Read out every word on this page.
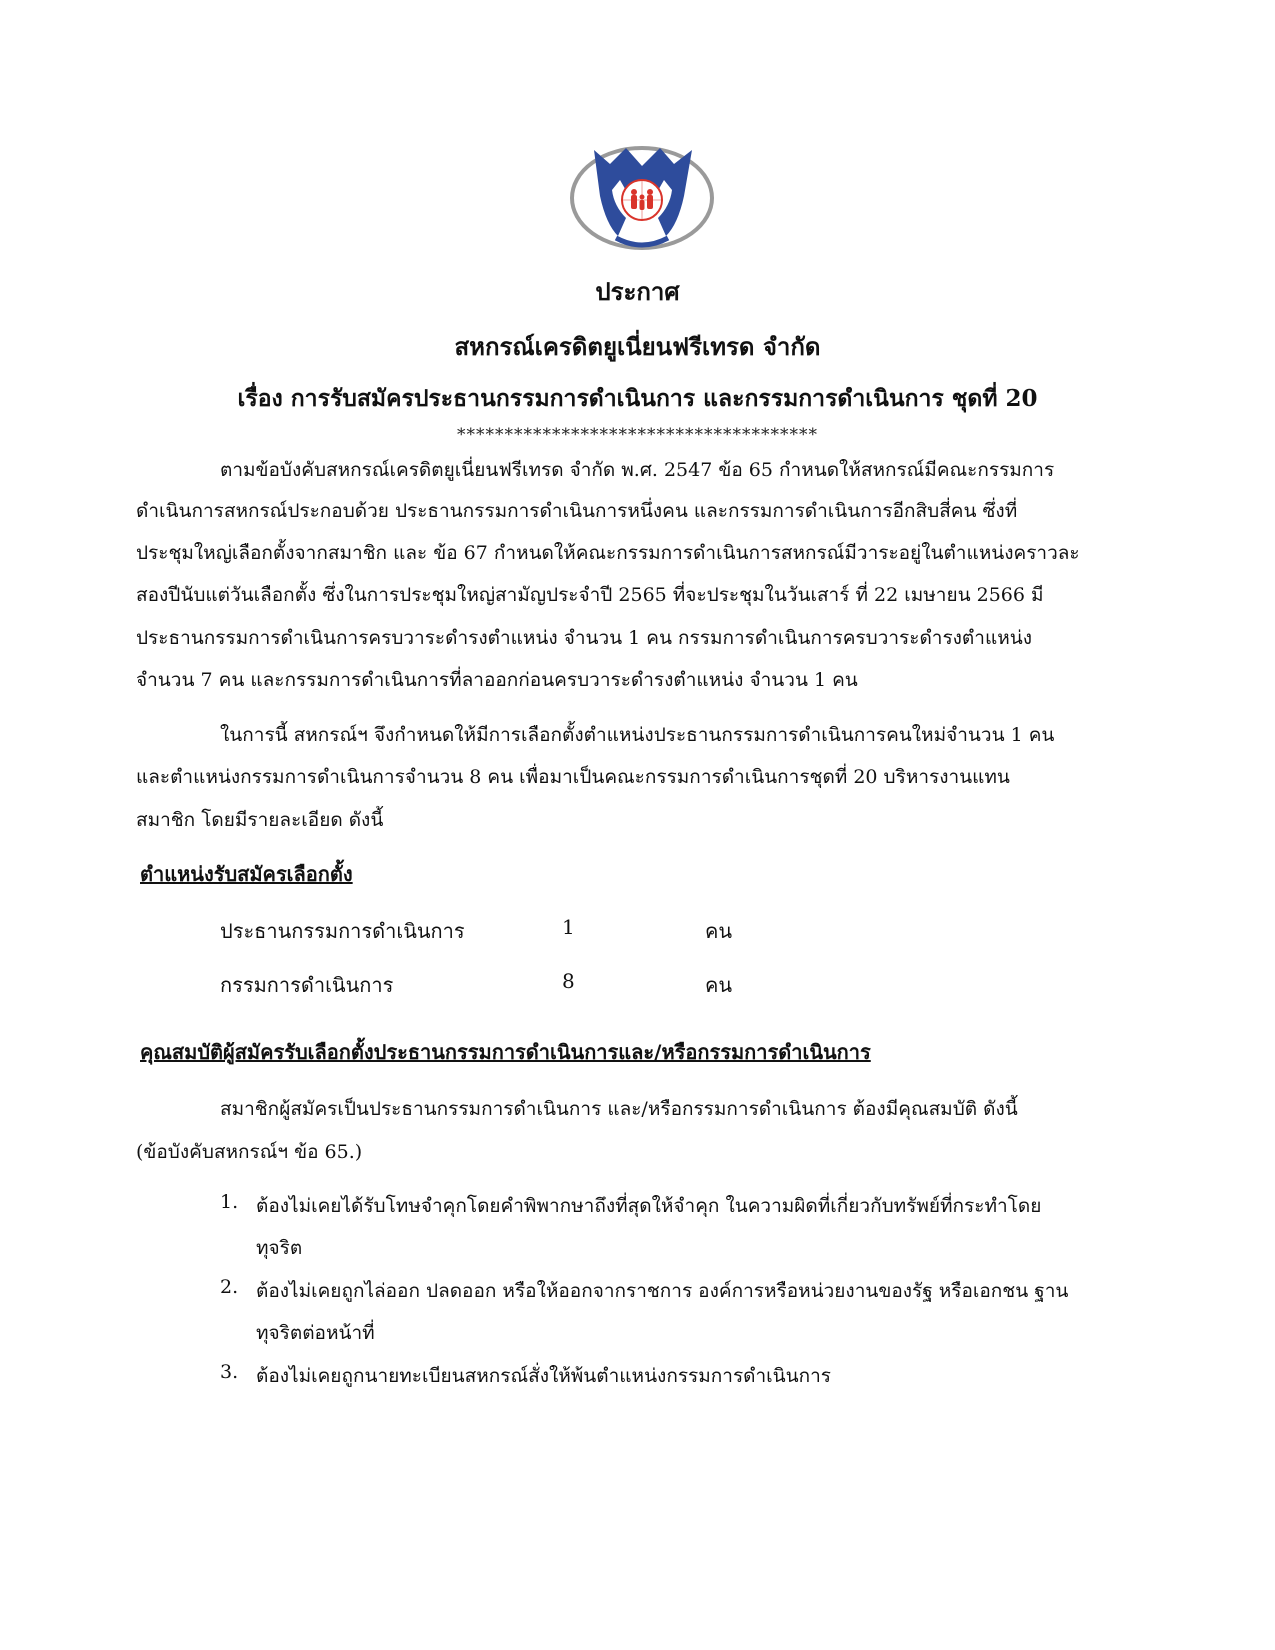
ประกาศ
สหกรณ์เครดิตยูเนี่ยนฟรีเทรด จำกัด
เรื่อง การรับสมัครประธานกรรมการดำเนินการ และกรรมการดำเนินการ ชุดที่ 20
**************************************
ตามข้อบังคับสหกรณ์เครดิตยูเนี่ยนฟรีเทรด จำกัด พ.ศ. 2547 ข้อ 65 กำหนดให้สหกรณ์มีคณะกรรมการ
ดำเนินการสหกรณ์ประกอบด้วย ประธานกรรมการดำเนินการหนึ่งคน และกรรมการดำเนินการอีกสิบสี่คน ซึ่งที่
ประชุมใหญ่เลือกตั้งจากสมาชิก และ ข้อ 67 กำหนดให้คณะกรรมการดำเนินการสหกรณ์มีวาระอยู่ในตำแหน่งคราวละ
สองปีนับแต่วันเลือกตั้ง ซึ่งในการประชุมใหญ่สามัญประจำปี 2565 ที่จะประชุมในวันเสาร์ ที่ 22 เมษายน 2566 มี
ประธานกรรมการดำเนินการครบวาระดำรงตำแหน่ง จำนวน 1 คน กรรมการดำเนินการครบวาระดำรงตำแหน่ง
จำนวน 7 คน และกรรมการดำเนินการที่ลาออกก่อนครบวาระดำรงตำแหน่ง จำนวน 1 คน
ในการนี้ สหกรณ์ฯ จึงกำหนดให้มีการเลือกตั้งตำแหน่งประธานกรรมการดำเนินการคนใหม่จำนวน 1 คน
และตำแหน่งกรรมการดำเนินการจำนวน 8 คน เพื่อมาเป็นคณะกรรมการดำเนินการชุดที่ 20 บริหารงานแทน
สมาชิก โดยมีรายละเอียด ดังนี้
ตำแหน่งรับสมัครเลือกตั้ง
ประธานกรรมการดำเนินการ	1	คน
กรรมการดำเนินการ	8	คน
คุณสมบัติผู้สมัครรับเลือกตั้งประธานกรรมการดำเนินการและ/หรือกรรมการดำเนินการ
สมาชิกผู้สมัครเป็นประธานกรรมการดำเนินการ และ/หรือกรรมการดำเนินการ ต้องมีคุณสมบัติ ดังนี้
(ข้อบังคับสหกรณ์ฯ ข้อ 65.)
1. ต้องไม่เคยได้รับโทษจำคุกโดยคำพิพากษาถึงที่สุดให้จำคุก ในความผิดที่เกี่ยวกับทรัพย์ที่กระทำโดย
ทุจริต
2. ต้องไม่เคยถูกไล่ออก ปลดออก หรือให้ออกจากราชการ องค์การหรือหน่วยงานของรัฐ หรือเอกชน ฐาน
ทุจริตต่อหน้าที่
3. ต้องไม่เคยถูกนายทะเบียนสหกรณ์สั่งให้พ้นตำแหน่งกรรมการดำเนินการ
